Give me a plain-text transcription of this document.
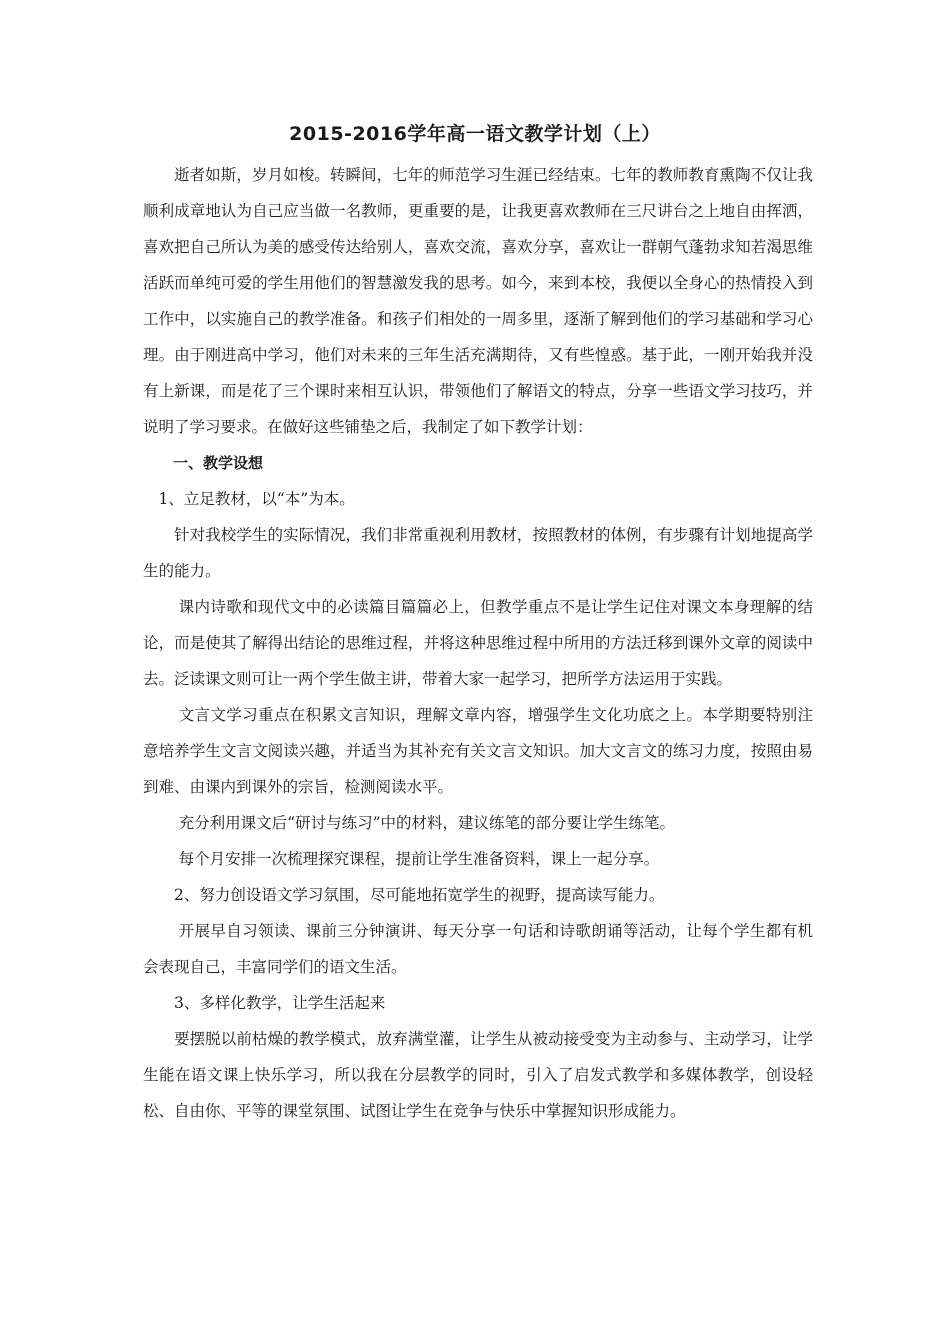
2015-2016学年高一语文教学计划（上）

逝者如斯，岁月如梭。转瞬间，七年的师范学习生涯已经结束。七年的教师教育熏陶不仅让我顺利成章地认为自己应当做一名教师，更重要的是，让我更喜欢教师在三尺讲台之上地自由挥洒，喜欢把自己所认为美的感受传达给别人，喜欢交流，喜欢分享，喜欢让一群朝气蓬勃求知若渴思维活跃而单纯可爱的学生用他们的智慧激发我的思考。如今，来到本校，我便以全身心的热情投入到工作中，以实施自己的教学准备。和孩子们相处的一周多里，逐渐了解到他们的学习基础和学习心理。由于刚进高中学习，他们对未来的三年生活充满期待，又有些惶惑。基于此，一刚开始我并没有上新课，而是花了三个课时来相互认识，带领他们了解语文的特点，分享一些语文学习技巧，并说明了学习要求。在做好这些铺垫之后，我制定了如下教学计划：

一、教学设想

1、立足教材，以“本”为本。

针对我校学生的实际情况，我们非常重视利用教材，按照教材的体例，有步骤有计划地提高学生的能力。

课内诗歌和现代文中的必读篇目篇篇必上，但教学重点不是让学生记住对课文本身理解的结论，而是使其了解得出结论的思维过程，并将这种思维过程中所用的方法迁移到课外文章的阅读中去。泛读课文则可让一两个学生做主讲，带着大家一起学习，把所学方法运用于实践。

文言文学习重点在积累文言知识，理解文章内容，增强学生文化功底之上。本学期要特别注意培养学生文言文阅读兴趣，并适当为其补充有关文言文知识。加大文言文的练习力度，按照由易到难、由课内到课外的宗旨，检测阅读水平。

充分利用课文后“研讨与练习”中的材料，建议练笔的部分要让学生练笔。

每个月安排一次梳理探究课程，提前让学生准备资料，课上一起分享。

2、努力创设语文学习氛围，尽可能地拓宽学生的视野，提高读写能力。

开展早自习领读、课前三分钟演讲、每天分享一句话和诗歌朗诵等活动，让每个学生都有机会表现自己，丰富同学们的语文生活。

3、多样化教学，让学生活起来

要摆脱以前枯燥的教学模式，放弃满堂灌，让学生从被动接受变为主动参与、主动学习，让学生能在语文课上快乐学习，所以我在分层教学的同时，引入了启发式教学和多媒体教学，创设轻松、自由你、平等的课堂氛围、试图让学生在竞争与快乐中掌握知识形成能力。
